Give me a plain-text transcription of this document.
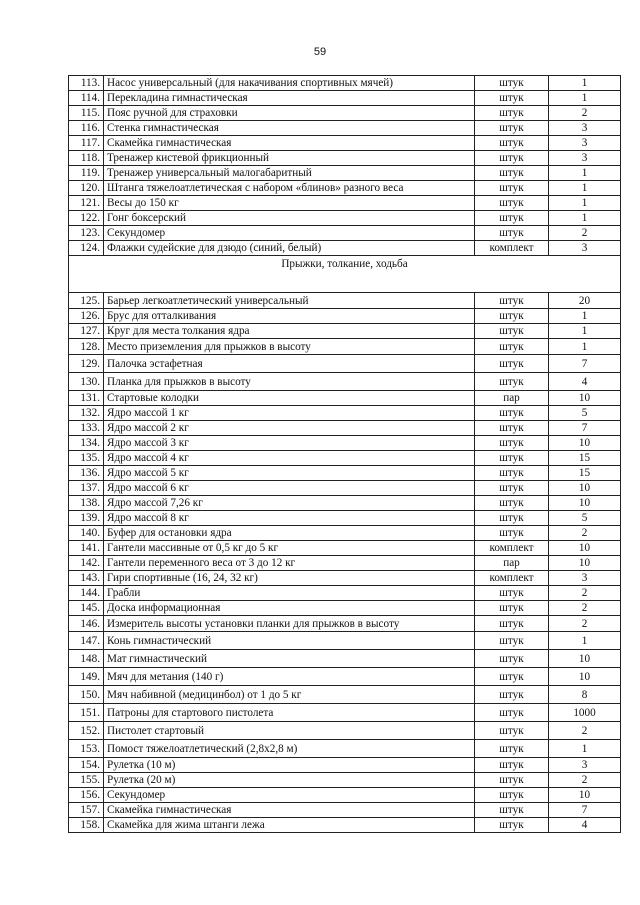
59
113.	Насос универсальный (для накачивания спортивных мячей)	штук	1
114.	Перекладина гимнастическая	штук	1
115.	Пояс ручной для страховки	штук	2
116.	Стенка гимнастическая	штук	3
117.	Скамейка гимнастическая	штук	3
118.	Тренажер кистевой фрикционный	штук	3
119.	Тренажер универсальный малогабаритный	штук	1
120.	Штанга тяжелоатлетическая с набором «блинов» разного веса	штук	1
121.	Весы до 150 кг	штук	1
122.	Гонг боксерский	штук	1
123.	Секундомер	штук	2
124.	Флажки судейские для дзюдо (синий, белый)	комплект	3
Прыжки, толкание, ходьба			
125.	Барьер легкоатлетический универсальный	штук	20
126.	Брус для отталкивания	штук	1
127.	Круг для места толкания ядра	штук	1
128.	Место приземления для прыжков в высоту	штук	1
129.	Палочка эстафетная	штук	7
130.	Планка для прыжков в высоту	штук	4
131.	Стартовые колодки	пар	10
132.	Ядро массой 1 кг	штук	5
133.	Ядро массой 2 кг	штук	7
134.	Ядро массой 3 кг	штук	10
135.	Ядро массой 4 кг	штук	15
136.	Ядро массой 5 кг	штук	15
137.	Ядро массой 6 кг	штук	10
138.	Ядро массой 7,26 кг	штук	10
139.	Ядро массой 8 кг	штук	5
140.	Буфер для остановки ядра	штук	2
141.	Гантели массивные от 0,5 кг до 5 кг	комплект	10
142.	Гантели переменного веса от 3 до 12 кг	пар	10
143.	Гири спортивные (16, 24, 32 кг)	комплект	3
144.	Грабли	штук	2
145.	Доска информационная	штук	2
146.	Измеритель высоты установки планки для прыжков в высоту	штук	2
147.	Конь гимнастический	штук	1
148.	Мат гимнастический	штук	10
149.	Мяч для метания (140 г)	штук	10
150.	Мяч набивной (медицинбол) от 1 до 5 кг	штук	8
151.	Патроны для стартового пистолета	штук	1000
152.	Пистолет стартовый	штук	2
153.	Помост тяжелоатлетический (2,8х2,8 м)	штук	1
154.	Рулетка (10 м)	штук	3
155.	Рулетка (20 м)	штук	2
156.	Секундомер	штук	10
157.	Скамейка гимнастическая	штук	7
158.	Скамейка для жима штанги лежа	штук	4
